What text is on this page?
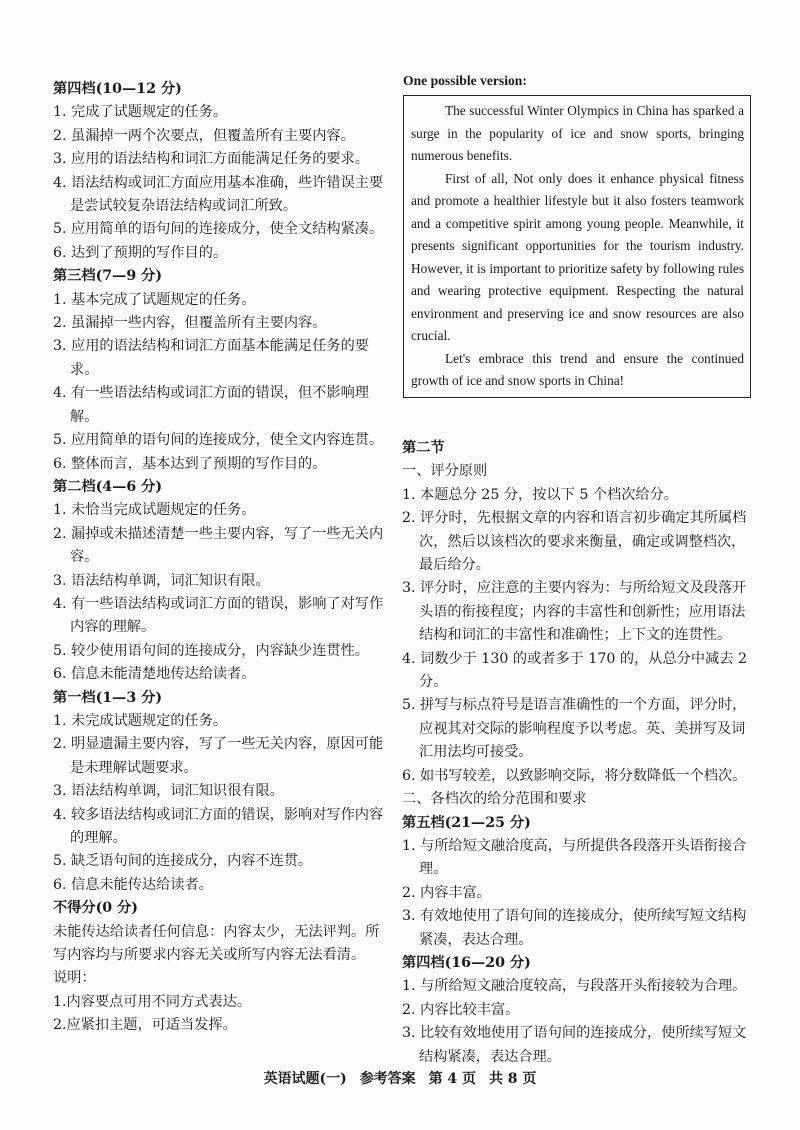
第四档(10—12 分)

1. 完成了试题规定的任务。

2. 虽漏掉一两个次要点，但覆盖所有主要内容。

3. 应用的语法结构和词汇方面能满足任务的要求。

4. 语法结构或词汇方面应用基本准确，些许错误主要是尝试较复杂语法结构或词汇所致。

5. 应用简单的语句间的连接成分，使全文结构紧凑。

6. 达到了预期的写作目的。

第三档(7—9 分)

1. 基本完成了试题规定的任务。

2. 虽漏掉一些内容，但覆盖所有主要内容。

3. 应用的语法结构和词汇方面基本能满足任务的要求。

4. 有一些语法结构或词汇方面的错误，但不影响理解。

5. 应用简单的语句间的连接成分，使全文内容连贯。

6. 整体而言，基本达到了预期的写作目的。

第二档(4—6 分)

1. 未恰当完成试题规定的任务。

2. 漏掉或未描述清楚一些主要内容，写了一些无关内容。

3. 语法结构单调，词汇知识有限。

4. 有一些语法结构或词汇方面的错误，影响了对写作内容的理解。

5. 较少使用语句间的连接成分，内容缺少连贯性。

6. 信息未能清楚地传达给读者。

第一档(1—3 分)

1. 未完成试题规定的任务。

2. 明显遗漏主要内容，写了一些无关内容，原因可能是未理解试题要求。

3. 语法结构单调，词汇知识很有限。

4. 较多语法结构或词汇方面的错误，影响对写作内容的理解。

5. 缺乏语句间的连接成分，内容不连贯。

6. 信息未能传达给读者。

不得分(0 分)

未能传达给读者任何信息：内容太少，无法评判。所写内容均与所要求内容无关或所写内容无法看清。

说明：

1.内容要点可用不同方式表达。

2.应紧扣主题，可适当发挥。

One possible version:

The successful Winter Olympics in China has sparked a surge in the popularity of ice and snow sports, bringing numerous benefits.

First of all, Not only does it enhance physical fitness and promote a healthier lifestyle but it also fosters teamwork and a competitive spirit among young people. Meanwhile, it presents significant opportunities for the tourism industry. However, it is important to prioritize safety by following rules and wearing protective equipment. Respecting the natural environment and preserving ice and snow resources are also crucial.

Let's embrace this trend and ensure the continued growth of ice and snow sports in China!

第二节

一、评分原则

1. 本题总分 25 分，按以下 5 个档次给分。

2. 评分时，先根据文章的内容和语言初步确定其所属档次，然后以该档次的要求来衡量，确定或调整档次，最后给分。

3. 评分时，应注意的主要内容为：与所给短文及段落开头语的衔接程度；内容的丰富性和创新性；应用语法结构和词汇的丰富性和准确性；上下文的连贯性。

4. 词数少于 130 的或者多于 170 的，从总分中减去 2 分。

5. 拼写与标点符号是语言准确性的一个方面，评分时，应视其对交际的影响程度予以考虑。英、美拼写及词汇用法均可接受。

6. 如书写较差，以致影响交际，将分数降低一个档次。

二、各档次的给分范围和要求

第五档(21—25 分)

1. 与所给短文融洽度高，与所提供各段落开头语衔接合理。

2. 内容丰富。

3. 有效地使用了语句间的连接成分，使所续写短文结构紧凑，表达合理。

第四档(16—20 分)

1. 与所给短文融洽度较高，与段落开头衔接较为合理。

2. 内容比较丰富。

3. 比较有效地使用了语句间的连接成分，使所续写短文结构紧凑，表达合理。

英语试题(一) 参考答案 第 4 页 共 8 页
